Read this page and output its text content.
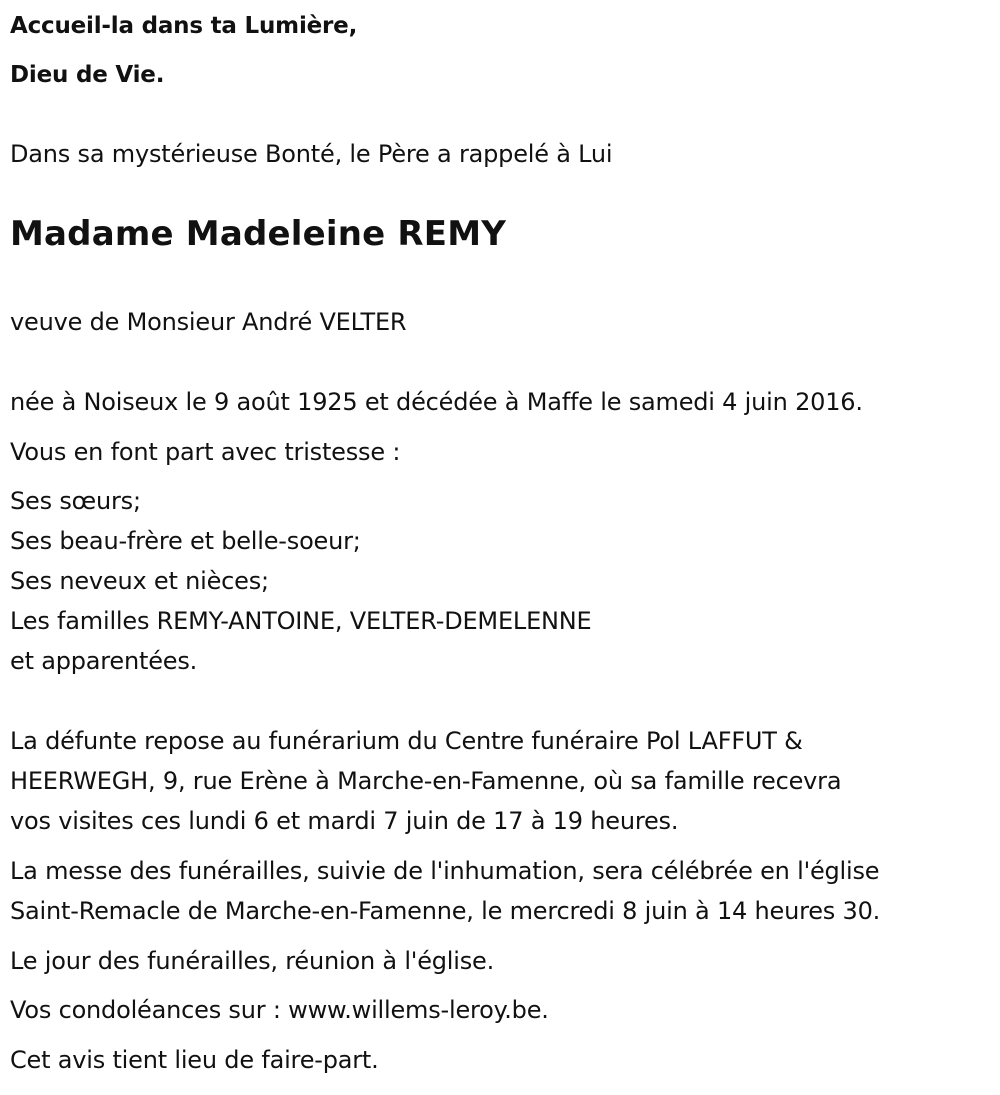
Accueil-la dans ta Lumière,

Dieu de Vie.

Dans sa mystérieuse Bonté, le Père a rappelé à Lui

Madame Madeleine REMY

veuve de Monsieur André VELTER

née à Noiseux le 9 août 1925 et décédée à Maffe le samedi 4 juin 2016.

Vous en font part avec tristesse :

Ses sœurs;

Ses beau-frère et belle-soeur;

Ses neveux et nièces;

Les familles REMY-ANTOINE, VELTER-DEMELENNE

et apparentées.

La défunte repose au funérarium du Centre funéraire Pol LAFFUT &

HEERWEGH, 9, rue Erène à Marche-en-Famenne, où sa famille recevra

vos visites ces lundi 6 et mardi 7 juin de 17 à 19 heures.

La messe des funérailles, suivie de l'inhumation, sera célébrée en l'église

Saint-Remacle de Marche-en-Famenne, le mercredi 8 juin à 14 heures 30.

Le jour des funérailles, réunion à l'église.

Vos condoléances sur : www.willems-leroy.be.

Cet avis tient lieu de faire-part.
